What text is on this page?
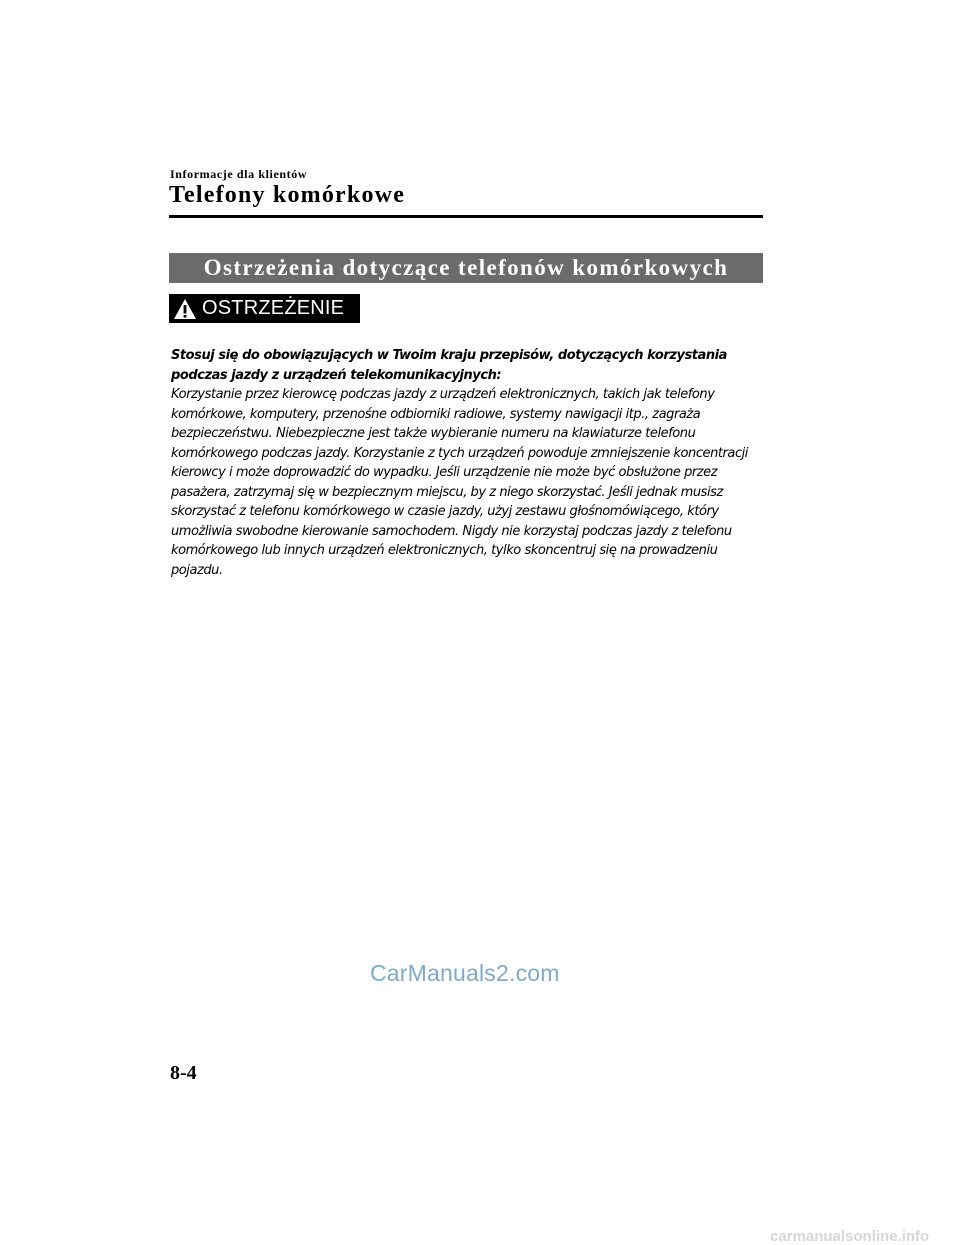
Informacje dla klientów
Telefony komórkowe
Ostrzeżenia dotyczące telefonów komórkowych
OSTRZEŻENIE
Stosuj się do obowiązujących w Twoim kraju przepisów, dotyczących korzystania podczas jazdy z urządzeń telekomunikacyjnych:
Korzystanie przez kierowcę podczas jazdy z urządzeń elektronicznych, takich jak telefony komórkowe, komputery, przenośne odbiorniki radiowe, systemy nawigacji itp., zagraża bezpieczeństwu. Niebezpieczne jest także wybieranie numeru na klawiaturze telefonu komórkowego podczas jazdy. Korzystanie z tych urządzeń powoduje zmniejszenie koncentracji kierowcy i może doprowadzić do wypadku. Jeśli urządzenie nie może być obsłużone przez pasażera, zatrzymaj się w bezpiecznym miejscu, by z niego skorzystać. Jeśli jednak musisz skorzystać z telefonu komórkowego w czasie jazdy, użyj zestawu głośnomówiącego, który umożliwia swobodne kierowanie samochodem. Nigdy nie korzystaj podczas jazdy z telefonu komórkowego lub innych urządzeń elektronicznych, tylko skoncentruj się na prowadzeniu pojazdu.
CarManuals2.com
8-4
carmanualsonline.info
